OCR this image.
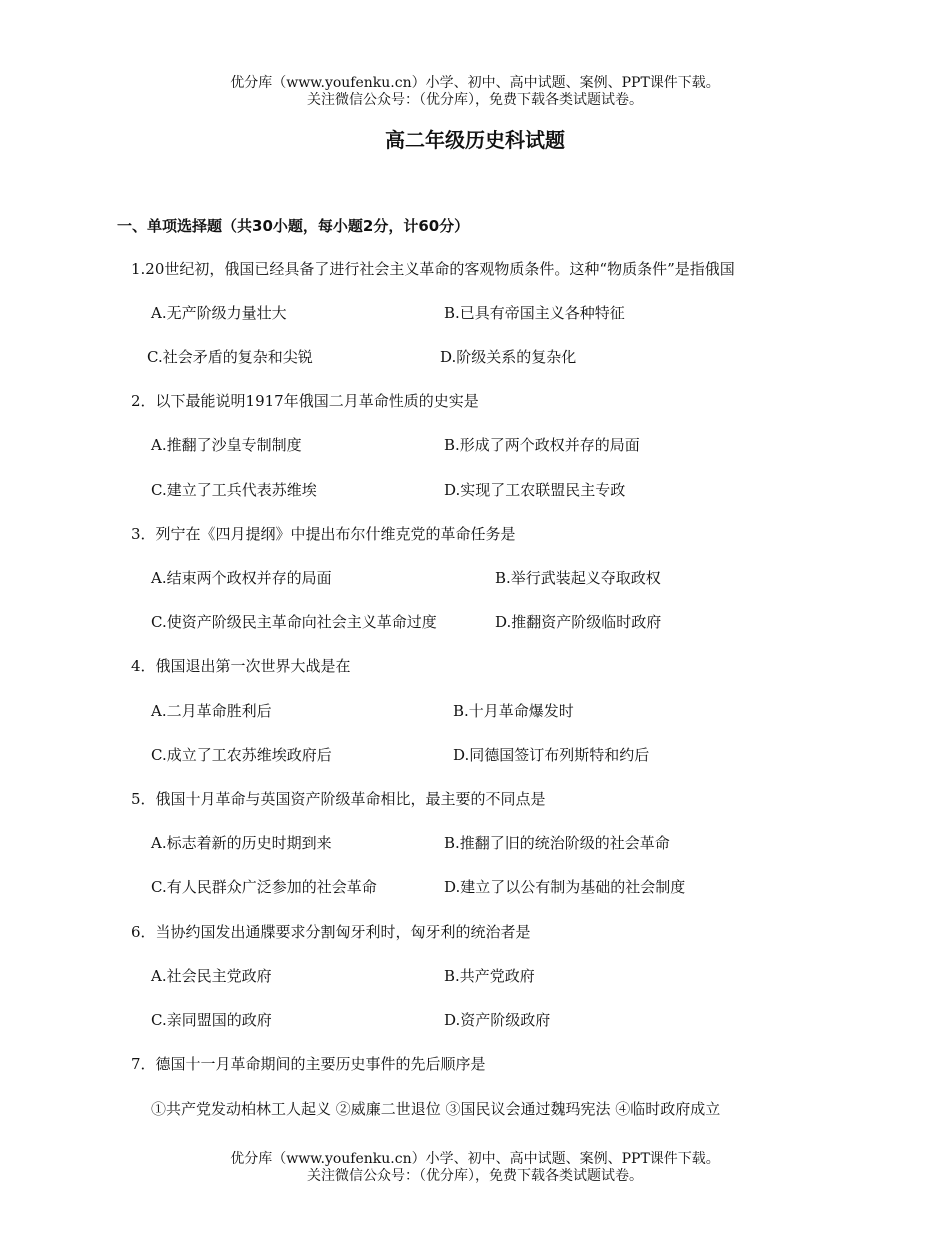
优分库（www.youfenku.cn）小学、初中、高中试题、案例、PPT课件下载。
关注微信公众号：（优分库），免费下载各类试题试卷。
高二年级历史科试题
一、单项选择题（共30小题，每小题2分，计60分）
1.20世纪初，俄国已经具备了进行社会主义革命的客观物质条件。这种“物质条件”是指俄国
A.无产阶级力量壮大	B.已具有帝国主义各种特征
C.社会矛盾的复杂和尖锐	D.阶级关系的复杂化
2．以下最能说明1917年俄国二月革命性质的史实是
A.推翻了沙皇专制制度	B.形成了两个政权并存的局面
C.建立了工兵代表苏维埃	D.实现了工农联盟民主专政
3．列宁在《四月提纲》中提出布尔什维克党的革命任务是
A.结束两个政权并存的局面	B.举行武装起义夺取政权
C.使资产阶级民主革命向社会主义革命过度	D.推翻资产阶级临时政府
4．俄国退出第一次世界大战是在
A.二月革命胜利后	B.十月革命爆发时
C.成立了工农苏维埃政府后	D.同德国签订布列斯特和约后
5．俄国十月革命与英国资产阶级革命相比，最主要的不同点是
A.标志着新的历史时期到来	B.推翻了旧的统治阶级的社会革命
C.有人民群众广泛参加的社会革命	D.建立了以公有制为基础的社会制度
6．当协约国发出通牒要求分割匈牙利时，匈牙利的统治者是
A.社会民主党政府	B.共产党政府
C.亲同盟国的政府	D.资产阶级政府
7．德国十一月革命期间的主要历史事件的先后顺序是
①共产党发动柏林工人起义 ②威廉二世退位 ③国民议会通过魏玛宪法 ④临时政府成立
优分库（www.youfenku.cn）小学、初中、高中试题、案例、PPT课件下载。
关注微信公众号：（优分库），免费下载各类试题试卷。
